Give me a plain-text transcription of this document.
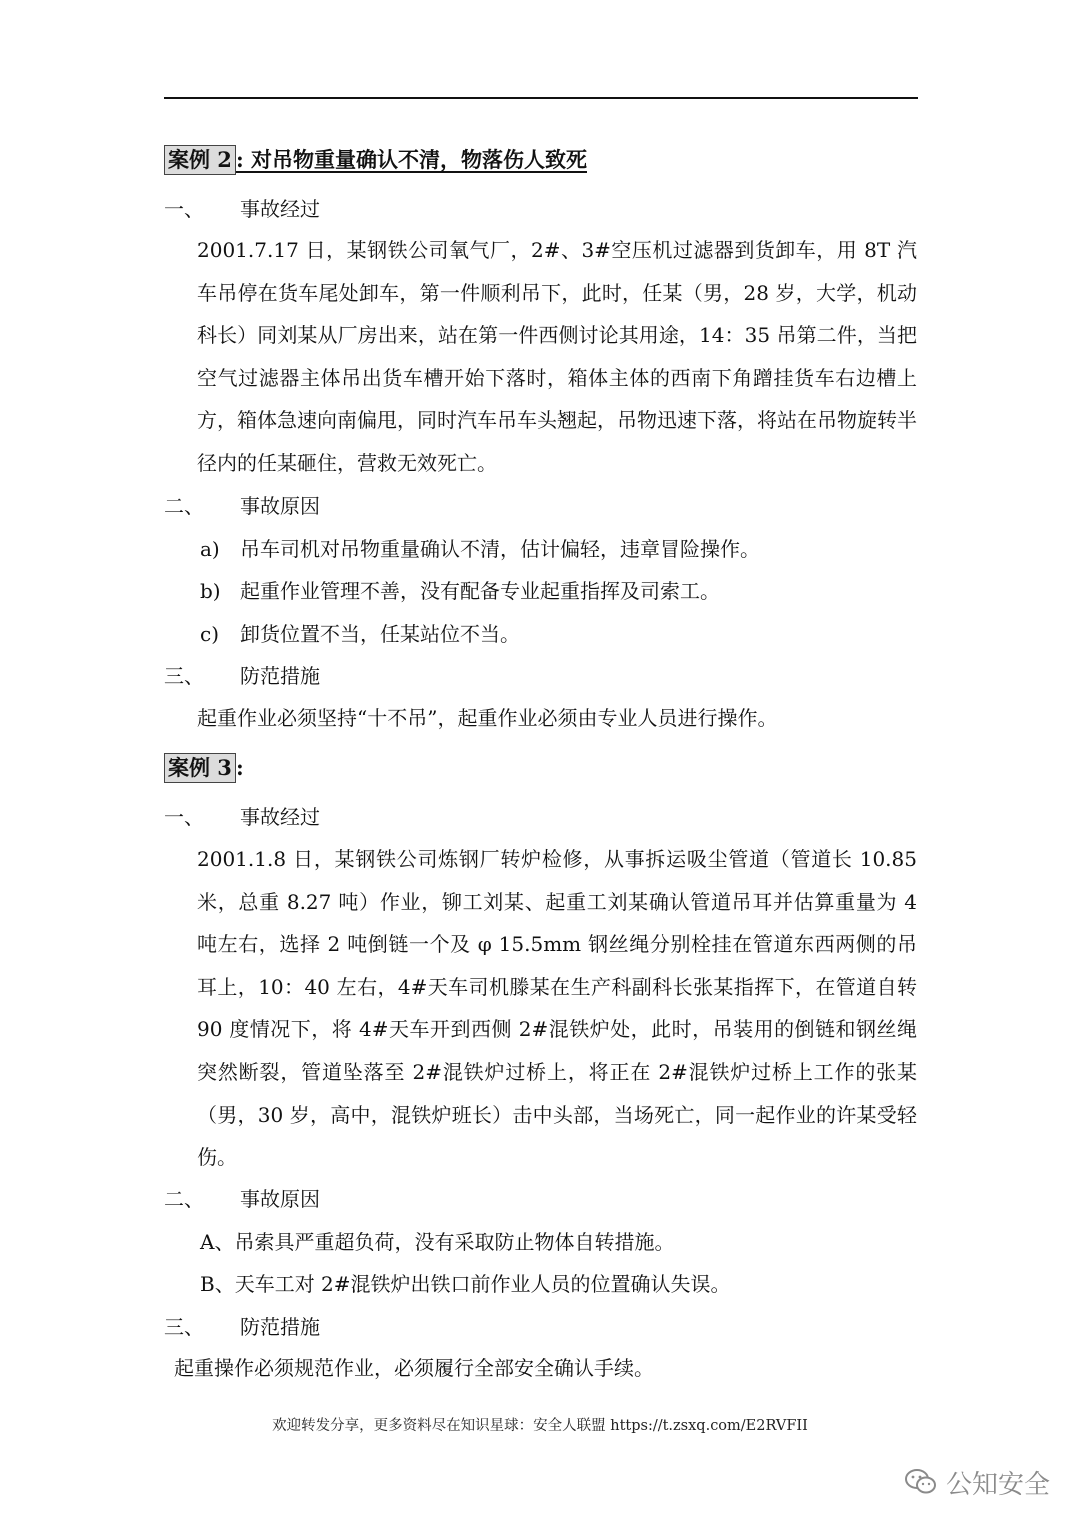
案例 2 : 对吊物重量确认不清，物落伤人致死
一、 事故经过
2001.7.17 日，某钢铁公司氧气厂，2#、3#空压机过滤器到货卸车，用 8T 汽车吊停在货车尾处卸车，第一件顺利吊下，此时，任某（男，28 岁，大学，机动科长）同刘某从厂房出来，站在第一件西侧讨论其用途，14：35 吊第二件，当把空气过滤器主体吊出货车槽开始下落时，箱体主体的西南下角蹭挂货车右边槽上方，箱体急速向南偏甩，同时汽车吊车头翘起，吊物迅速下落，将站在吊物旋转半径内的任某砸住，营救无效死亡。
二、 事故原因
a) 吊车司机对吊物重量确认不清，估计偏轻，违章冒险操作。
b) 起重作业管理不善，没有配备专业起重指挥及司索工。
c) 卸货位置不当，任某站位不当。
三、 防范措施
起重作业必须坚持“十不吊”，起重作业必须由专业人员进行操作。
案例 3 :
一、 事故经过
2001.1.8 日，某钢铁公司炼钢厂转炉检修，从事拆运吸尘管道（管道长 10.85 米，总重 8.27 吨）作业，铆工刘某、起重工刘某确认管道吊耳并估算重量为 4 吨左右，选择 2 吨倒链一个及 φ 15.5mm 钢丝绳分别栓挂在管道东西两侧的吊耳上，10：40 左右，4#天车司机滕某在生产科副科长张某指挥下，在管道自转 90 度情况下，将 4#天车开到西侧 2#混铁炉处，此时，吊装用的倒链和钢丝绳突然断裂，管道坠落至 2#混铁炉过桥上，将正在 2#混铁炉过桥上工作的张某（男，30 岁，高中，混铁炉班长）击中头部，当场死亡，同一起作业的许某受轻伤。
二、 事故原因
A、吊索具严重超负荷，没有采取防止物体自转措施。
B、天车工对 2#混铁炉出铁口前作业人员的位置确认失误。
三、 防范措施
起重操作必须规范作业，必须履行全部安全确认手续。
欢迎转发分享，更多资料尽在知识星球：安全人联盟 https://t.zsxq.com/E2RVFII
公知安全
